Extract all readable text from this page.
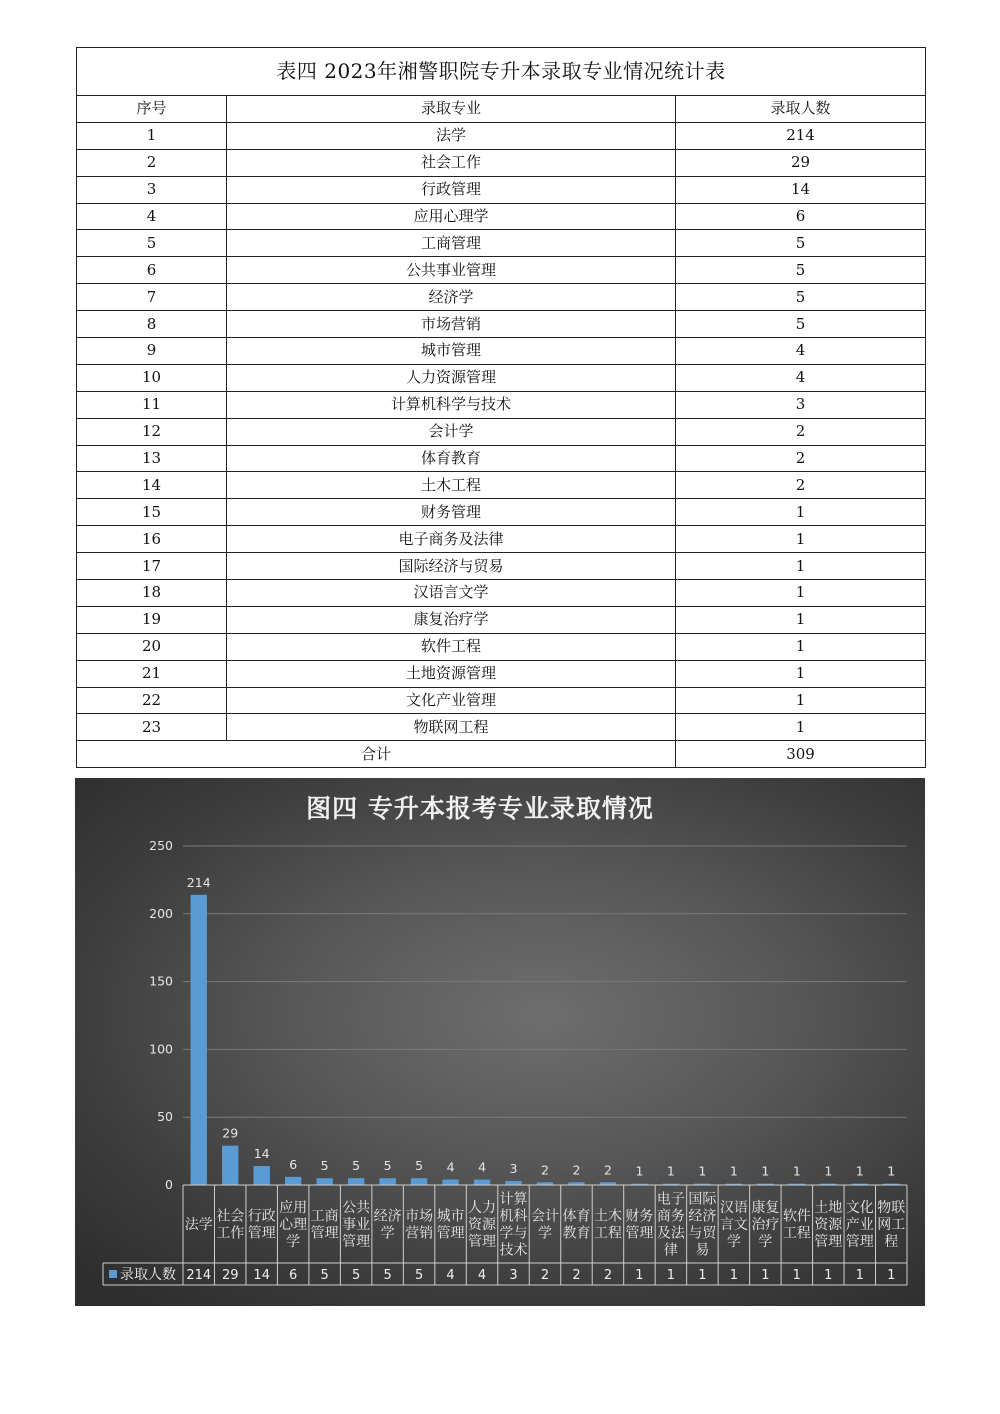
表四 2023年湘警职院专升本录取专业情况统计表		
序号	录取专业	录取人数
1	法学	214
2	社会工作	29
3	行政管理	14
4	应用心理学	6
5	工商管理	5
6	公共事业管理	5
7	经济学	5
8	市场营销	5
9	城市管理	4
10	人力资源管理	4
11	计算机科学与技术	3
12	会计学	2
13	体育教育	2
14	土木工程	2
15	财务管理	1
16	电子商务及法律	1
17	国际经济与贸易	1
18	汉语言文学	1
19	康复治疗学	1
20	软件工程	1
21	土地资源管理	1
22	文化产业管理	1
23	物联网工程	1
合计		309
图四 专升本报考专业录取情况
0
50
100
150
200
250
214
29
14
6 5 5 5 5 4 4 3 2 2 2 1 1 1 1 1 1 1 1 1
法学
214
社会
工作
29
行政
管理
14
应用
心理
学
6
工商
管理
5
公共
事业
管理
5
经济
学
5
市场
营销
5
城市
管理
4
人力
资源
管理
4
计算
机科
学与
技术
3
会计
学
2
体育
教育
2
土木
工程
2
财务
管理
1
电子
商务
及法
律
1
国际
经济
与贸
易
1
汉语
言文
学
1
康复
治疗
学
1
软件
工程
1
土地
资源
管理
1
文化
产业
管理
1
物联
网工
程
1
录取人数
